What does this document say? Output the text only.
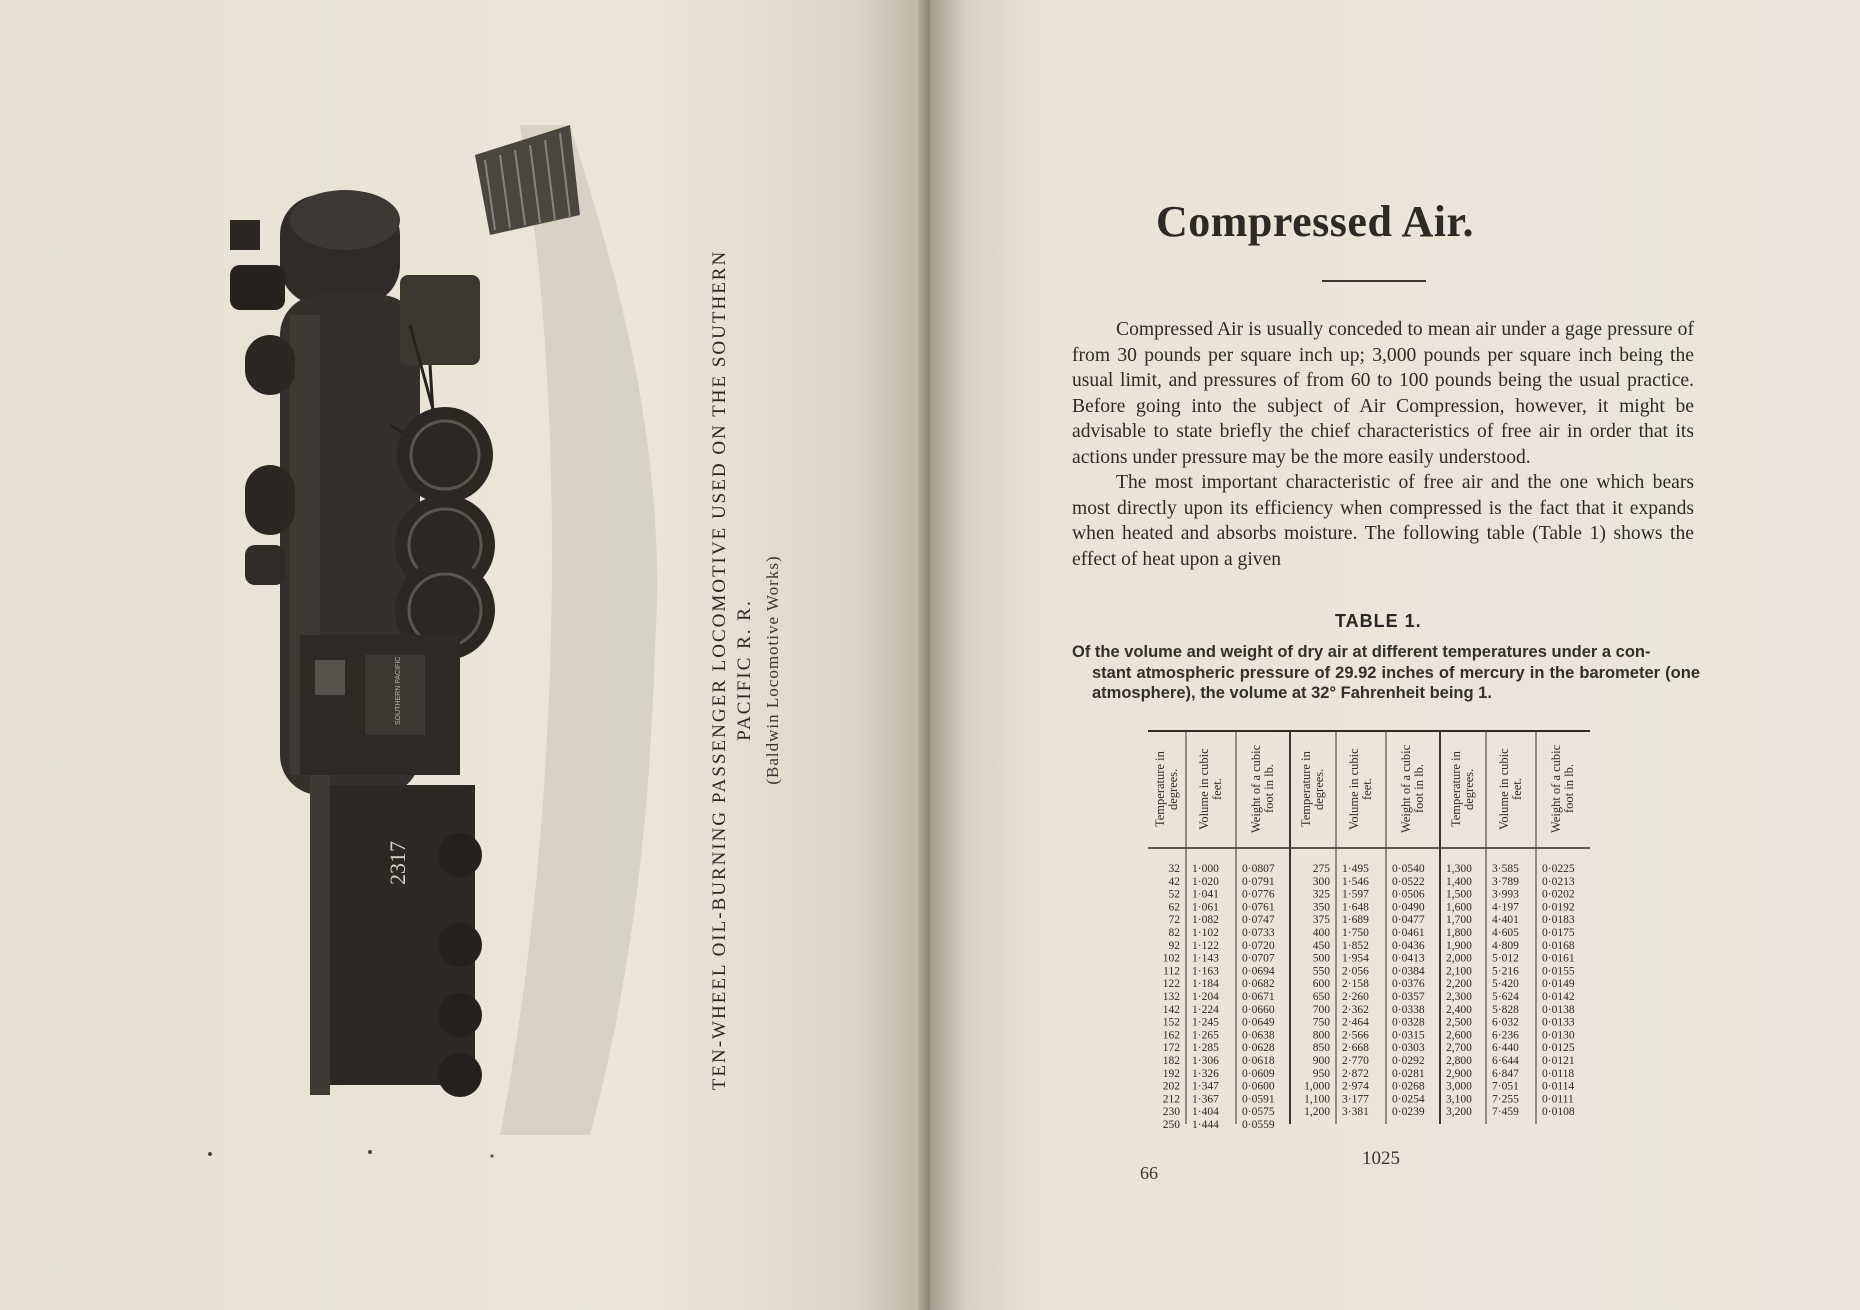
2317
SOUTHERN PACIFIC	TEN-WHEEL OIL-BURNING PASSENGER LOCOMOTIVE USED ON THE SOUTHERN PACIFIC R. R. (Baldwin Locomotive Works)
Compressed Air.

Compressed Air is usually conceded to mean air under a gage pressure of from 30 pounds per square inch up; 3,000 pounds per square inch being the usual limit, and pressures of from 60 to 100 pounds being the usual practice. Before going into the subject of Air Compression, however, it might be advisable to state briefly the chief characteristics of free air in order that its actions under pressure may be the more easily understood.

The most important characteristic of free air and the one which bears most directly upon its efficiency when compressed is the fact that it expands when heated and absorbs moisture. The following table (Table 1) shows the effect of heat upon a given

TABLE 1.
Of the volume and weight of dry air at different temperatures under a con-
stant atmospheric pressure of 29.92 inches of mercury in the barometer (one atmosphere), the volume at 32° Fahrenheit being 1.
Temperature in degrees. Volume in cubic feet. Weight of a cubic foot in lb. Temperature in degrees. Volume in cubic feet. Weight of a cubic foot in lb. Temperature in degrees. Volume in cubic feet. Weight of a cubic foot in lb.
32
42
52
62
72
82
92
102
112
122
132
142
152
162
172
182
192
202
212
230
250
1·000
1·020
1·041
1·061
1·082
1·102
1·122
1·143
1·163
1·184
1·204
1·224
1·245
1·265
1·285
1·306
1·326
1·347
1·367
1·404
1·444
0·0807
0·0791
0·0776
0·0761
0·0747
0·0733
0·0720
0·0707
0·0694
0·0682
0·0671
0·0660
0·0649
0·0638
0·0628
0·0618
0·0609
0·0600
0·0591
0·0575
0·0559
275
300
325
350
375
400
450
500
550
600
650
700
750
800
850
900
950
1,000
1,100
1,200
1·495
1·546
1·597
1·648
1·689
1·750
1·852
1·954
2·056
2·158
2·260
2·362
2·464
2·566
2·668
2·770
2·872
2·974
3·177
3·381
0·0540
0·0522
0·0506
0·0490
0·0477
0·0461
0·0436
0·0413
0·0384
0·0376
0·0357
0·0338
0·0328
0·0315
0·0303
0·0292
0·0281
0·0268
0·0254
0·0239
1,300
1,400
1,500
1,600
1,700
1,800
1,900
2,000
2,100
2,200
2,300
2,400
2,500
2,600
2,700
2,800
2,900
3,000
3,100
3,200
3·585
3·789
3·993
4·197
4·401
4·605
4·809
5·012
5·216
5·420
5·624
5·828
6·032
6·236
6·440
6·644
6·847
7·051
7·255
7·459
0·0225
0·0213
0·0202
0·0192
0·0183
0·0175
0·0168
0·0161
0·0155
0·0149
0·0142
0·0138
0·0133
0·0130
0·0125
0·0121
0·0118
0·0114
0·0111
0·0108
66
1025
